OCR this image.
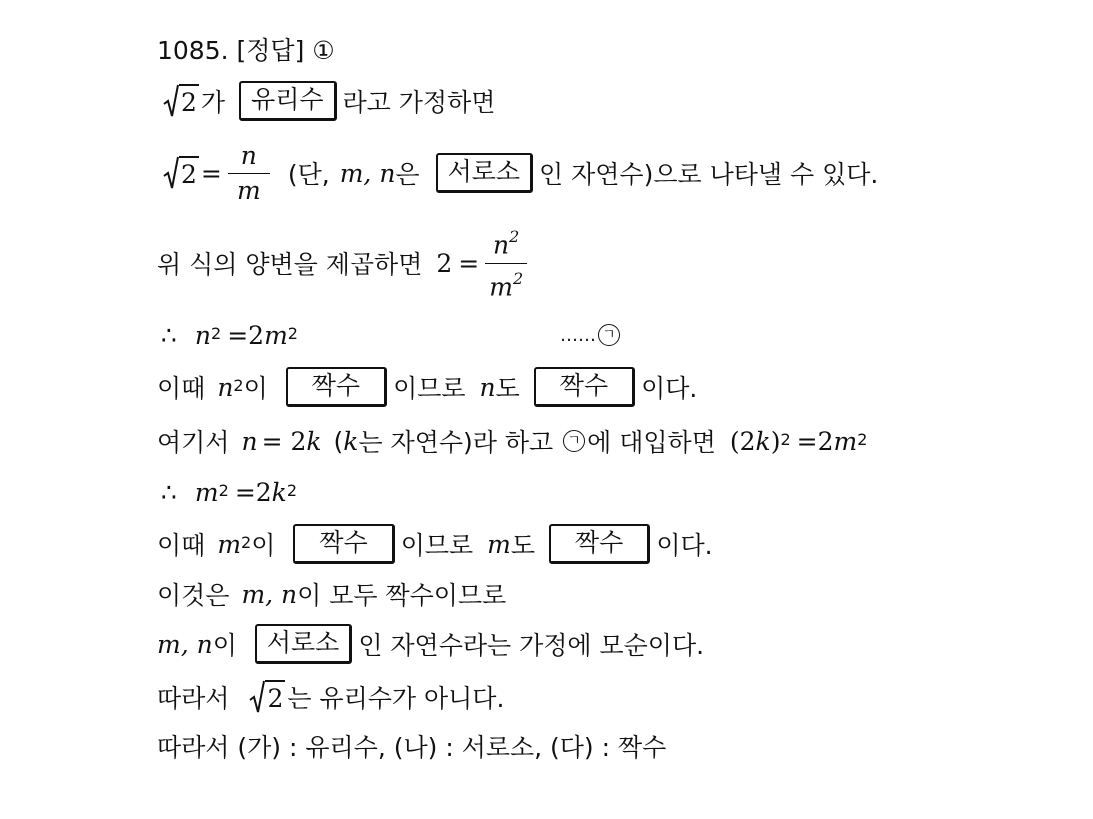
1085. [정답] ①
2 가	유리수 라고 가정하면
$2 = \frac{n}{m}$ (단, m, n 은	서로소 인 자연수)으로 나타낼 수 있다.
위 식의 양변을 제곱하면 $2 = \frac{n^2}{m^2}$
∴ $n^2 =2$ $m^2$	…… ㄱ
이때 $n^2$ 이	짝수	이므로 n 도	짝수	이다.
여기서 n = 2 k ( k 는 자연수)라 하고	ㄱ 에 대입하면 (2 k )$^2$ =2 $m^2$
∴ $m^2 =2$ $k^2$
이때 $m^2$ 이	짝수	이므로 m 도	짝수	이다.
이것은 m, n 이 모두 짝수이므로
m, n 이	서로소 인 자연수라는 가정에 모순이다.
따라서 2 는 유리수가 아니다.
따라서 (가) : 유리수, (나) : 서로소, (다) : 짝수
